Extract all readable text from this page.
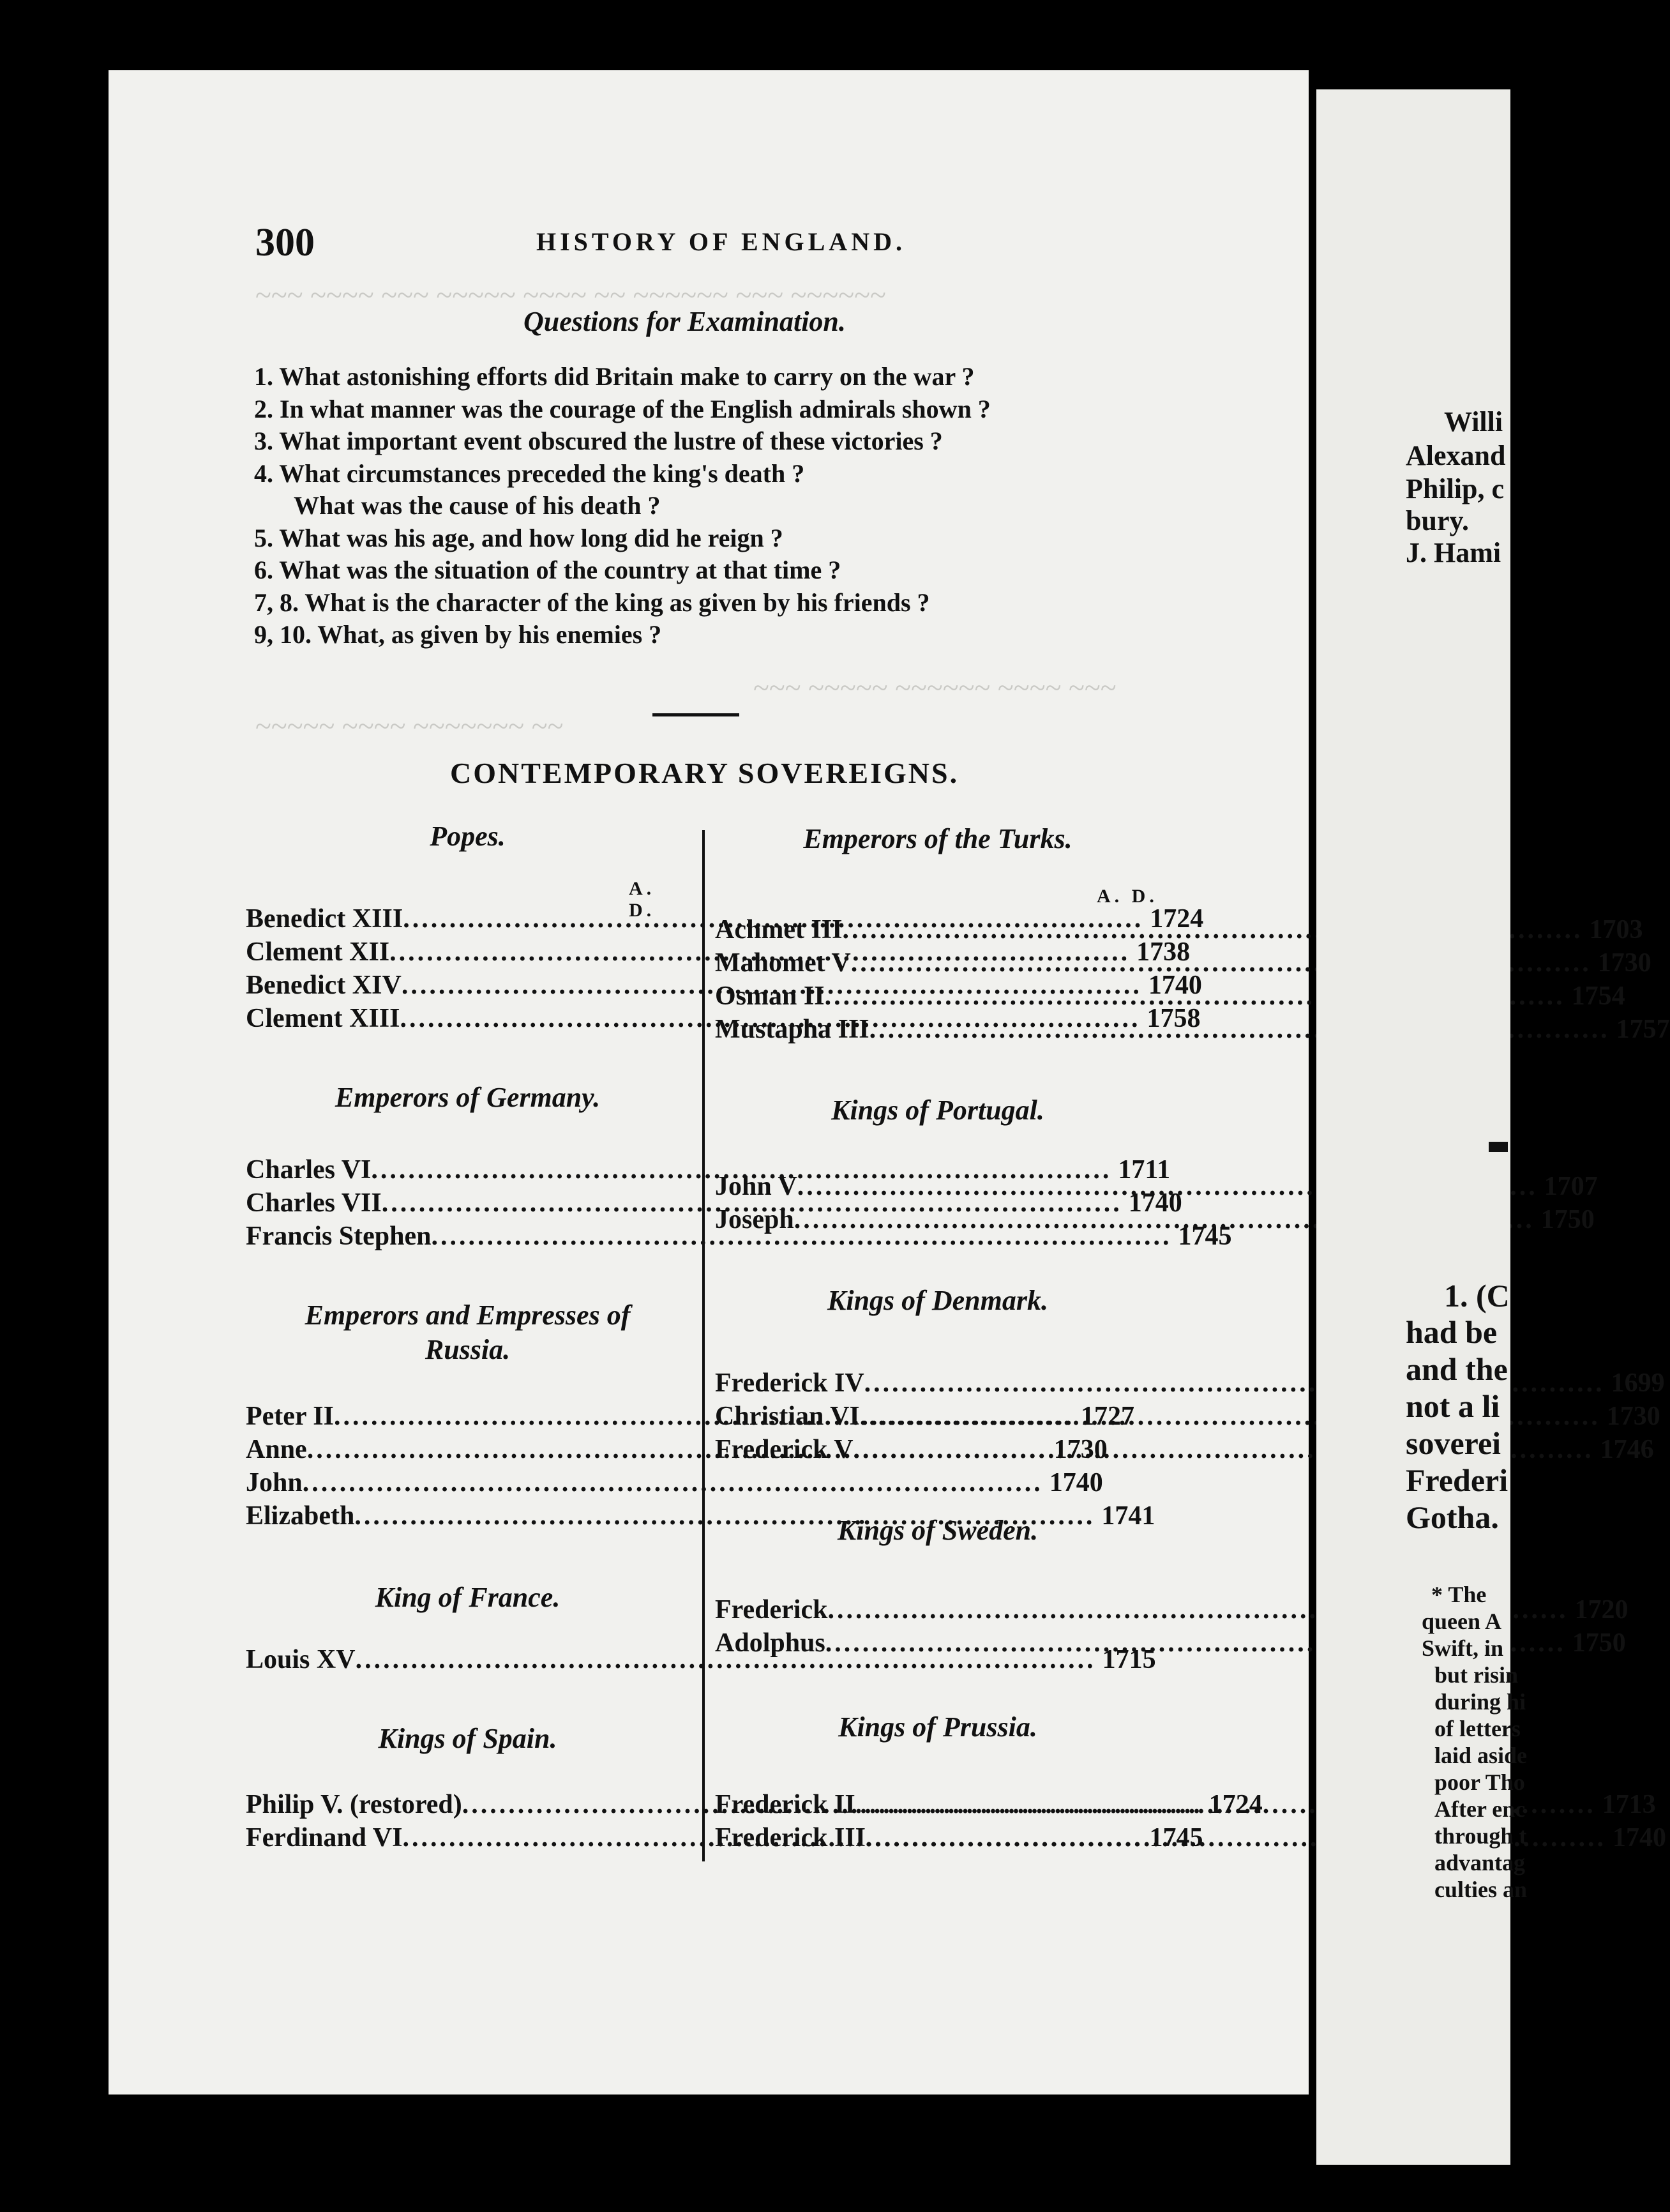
~~~ ~~~~ ~~~ ~~~~~ ~~~~ ~~ ~~~~~~ ~~~ ~~~~~~
~~~~~ ~~~~ ~~~~~~~ ~~
~~~ ~~~~~ ~~~~~~ ~~~~ ~~~
300	HISTORY OF ENGLAND.
Questions for Examination.
1. What astonishing efforts did Britain make to carry on the war ?
2. In what manner was the courage of the English admirals shown ?
3. What important event obscured the lustre of these victories ?
4. What circumstances preceded the king's death ?
What was the cause of his death ?
5. What was his age, and how long did he reign ?
6. What was the situation of the country at that time ?
7, 8. What is the character of the king as given by his friends ?
9, 10. What, as given by his enemies ?
CONTEMPORARY SOVEREIGNS.
Popes.
A. D.
Benedict XIII .....	1724
Clement XII .....	1738
Benedict XIV .....	1740
Clement XIII .....	1758
Emperors of Germany.
Charles VI .....	1711
Charles VII .....	1740
Francis Stephen .....	1745
Emperors and Empresses of Russia.
Peter II .....	1727
Anne .....	1730
John .....	1740
Elizabeth .....	1741
King of France.
Louis XV .....	1715
Kings of Spain.
Philip V. (restored) .....	1724
Ferdinand VI .....	1745
Emperors of the Turks.
A. D.
Achmet III .....	1703
Mahomet V .....	1730
Osman II .....	1754
Mustapha III .....	1757
Kings of Portugal.
John V .....	1707
Joseph .....	1750
Kings of Denmark.
Frederick IV .....	1699
Christian VI .....	1730
Frederick V .....	1746
Kings of Sweden.
Frederick .....	1720
Adolphus .....	1750
Kings of Prussia.
Frederick II .....	1713
Frederick III .....	1740
Willi
Alexand
Philip, c
bury.
J. Hami
1. (C
had be
and the
not a li
soverei
Frederi
Gotha.
* The
queen A
Swift, in
but risin
during hi
of letters
laid aside
poor Tho
After enc
through t
advantag
culties an
